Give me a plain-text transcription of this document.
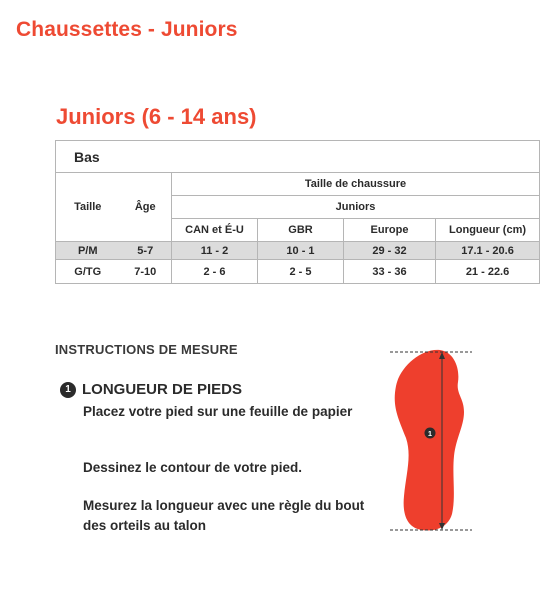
Chaussettes - Juniors
Juniors (6 - 14 ans)
Bas					
Taille	Âge	Taille de chaussure			
		Juniors			
		CAN et É-U	GBR	Europe	Longueur (cm)
P/M	5-7	11 - 2	10 - 1	29 - 32	17.1 - 20.6
G/TG	7-10	2 - 6	2 - 5	33 - 36	21 - 22.6
INSTRUCTIONS DE MESURE
1 LONGUEUR DE PIEDS

Placez votre pied sur une feuille de papier

Dessinez le contour de votre pied.

Mesurez la longueur avec une règle du bout des orteils au talon

1
